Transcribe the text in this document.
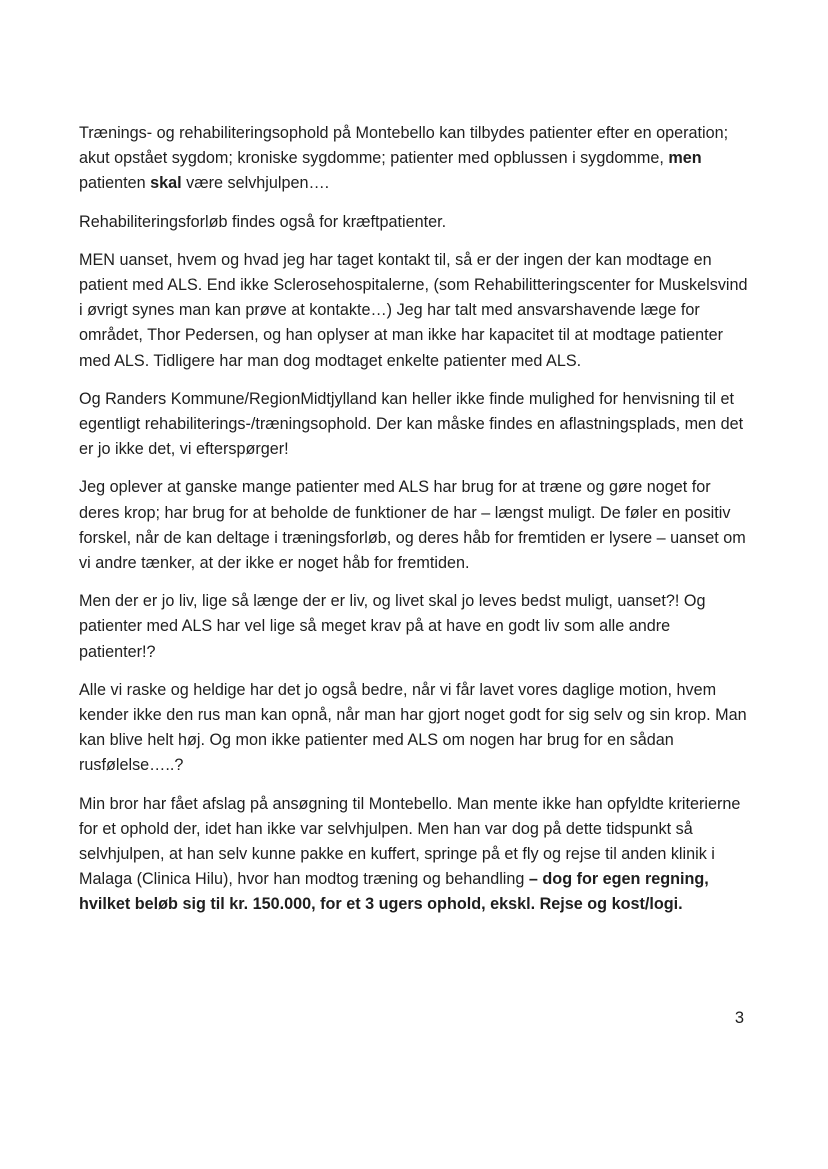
Trænings- og rehabiliteringsophold på Montebello kan tilbydes patienter efter en operation; akut opstået sygdom; kroniske sygdomme; patienter med opblussen i sygdomme, men patienten skal være selvhjulpen….

Rehabiliteringsforløb findes også for kræftpatienter.

MEN uanset, hvem og hvad jeg har taget kontakt til, så er der ingen der kan modtage en patient med ALS. End ikke Sclerosehospitalerne, (som Rehabilitteringscenter for Muskelsvind i øvrigt synes man kan prøve at kontakte…) Jeg har talt med ansvarshavende læge for området, Thor Pedersen, og han oplyser at man ikke har kapacitet til at modtage patienter med ALS. Tidligere har man dog modtaget enkelte patienter med ALS.

Og Randers Kommune/RegionMidtjylland kan heller ikke finde mulighed for henvisning til et egentligt rehabiliterings-/træningsophold. Der kan måske findes en aflastningsplads, men det er jo ikke det, vi efterspørger!

Jeg oplever at ganske mange patienter med ALS har brug for at træne og gøre noget for deres krop; har brug for at beholde de funktioner de har – længst muligt. De føler en positiv forskel, når de kan deltage i træningsforløb, og deres håb for fremtiden er lysere – uanset om vi andre tænker, at der ikke er noget håb for fremtiden.

Men der er jo liv, lige så længe der er liv, og livet skal jo leves bedst muligt, uanset?! Og patienter med ALS har vel lige så meget krav på at have en godt liv som alle andre patienter!?

Alle vi raske og heldige har det jo også bedre, når vi får lavet vores daglige motion, hvem kender ikke den rus man kan opnå, når man har gjort noget godt for sig selv og sin krop. Man kan blive helt høj. Og mon ikke patienter med ALS om nogen har brug for en sådan rusfølelse…..?

Min bror har fået afslag på ansøgning til Montebello. Man mente ikke han opfyldte kriterierne for et ophold der, idet han ikke var selvhjulpen. Men han var dog på dette tidspunkt så selvhjulpen, at han selv kunne pakke en kuffert, springe på et fly og rejse til anden klinik i Malaga (Clinica Hilu), hvor han modtog træning og behandling – dog for egen regning, hvilket beløb sig til kr. 150.000, for et 3 ugers ophold, ekskl. Rejse og kost/logi.

3
